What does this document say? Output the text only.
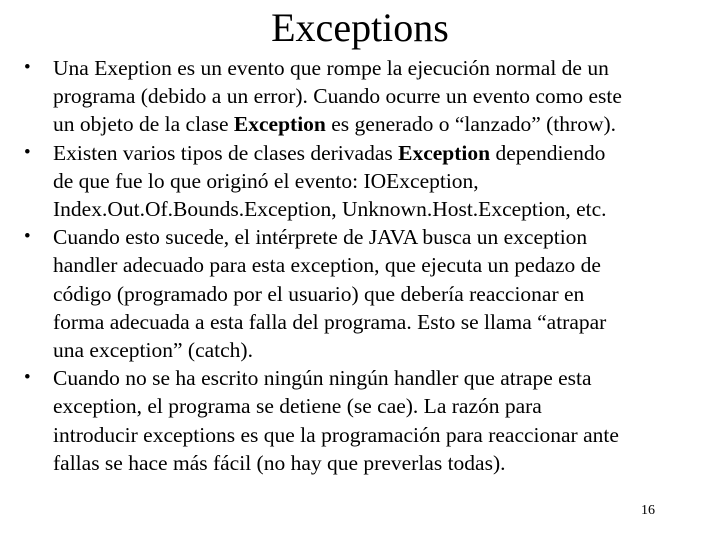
Exceptions
• Una Exeption es un evento que rompe la ejecución normal de un
programa (debido a un error). Cuando ocurre un evento como este
un objeto de la clase Exception es generado o “lanzado” (throw).
• Existen varios tipos de clases derivadas Exception dependiendo
de que fue lo que originó el evento: IOException,
Index.Out.Of.Bounds.Exception, Unknown.Host.Exception, etc.
• Cuando esto sucede, el intérprete de JAVA busca un exception
handler adecuado para esta exception, que ejecuta un pedazo de
código (programado por el usuario) que debería reaccionar en
forma adecuada a esta falla del programa. Esto se llama “atrapar
una exception” (catch).
• Cuando no se ha escrito ningún ningún handler que atrape esta
exception, el programa se detiene (se cae). La razón para
introducir exceptions es que la programación para reaccionar ante
fallas se hace más fácil (no hay que preverlas todas).
16
